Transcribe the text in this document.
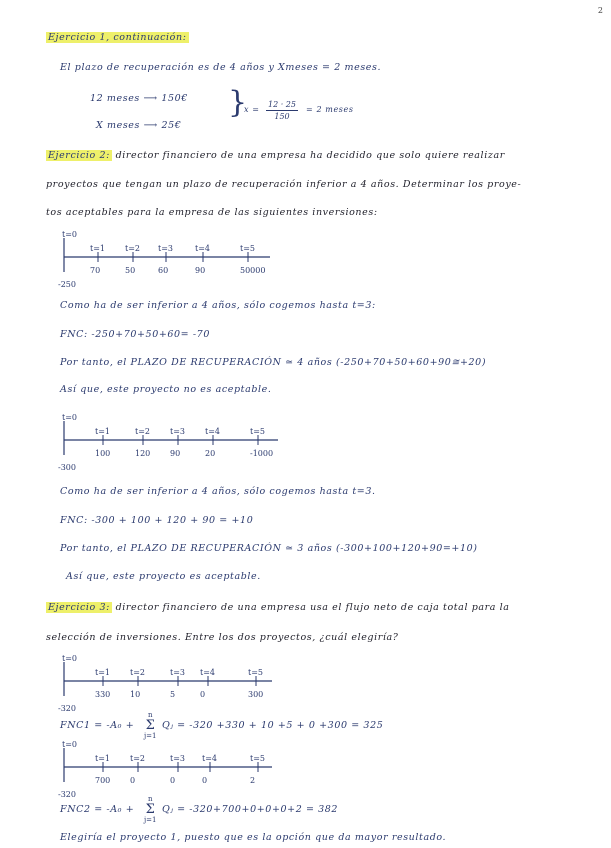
2
Ejercicio 1, continuación:
El plazo de recuperación es de 4 años y Xmeses = 2 meses.
12 meses ⟶ 150€
X meses ⟶ 25€
}
$x = \frac{12 \cdot 25}{150} = 2$ meses
Ejercicio 2: director financiero de una empresa ha decidido que solo quiere realizar
proyectos que tengan un plazo de recuperación inferior a 4 años. Determinar los proye-
tos aceptables para la empresa de las siguientes inversiones:
t=0
-250
t=1
70
t=2
50
t=3
60
t=4
90
t=5
50000
Como ha de ser inferior a 4 años, sólo cogemos hasta t=3:
FNC: -250+70+50+60= -70
Por tanto, el PLAZO DE RECUPERACIÓN ≃ 4 años (-250+70+50+60+90≅+20)
Así que, este proyecto no es aceptable.
t=0
-300
t=1
100
t=2
120
t=3
90
t=4
20
t=5
-1000
Como ha de ser inferior a 4 años, sólo cogemos hasta t=3.
FNC: -300 + 100 + 120 + 90 = +10
Por tanto, el PLAZO DE RECUPERACIÓN ≃ 3 años (-300+100+120+90=+10)
Así que, este proyecto es aceptable.
Ejercicio 3: director financiero de una empresa usa el flujo neto de caja total para la
selección de inversiones. Entre los dos proyectos, ¿cuál elegiría?
t=0
-320
t=1
330
t=2
10
t=3
5
t=4
0
t=5
300
FNC1 = -A₀ +
n
Σ
j=1
Qⱼ = -320 +330 + 10 +5 + 0 +300 = 325
t=0
-320
t=1
700
t=2
0
t=3
0
t=4
0
t=5
2
FNC2 = -A₀ +
n
Σ
j=1
Qⱼ = -320+700+0+0+0+2 = 382
Elegiría el proyecto 1, puesto que es la opción que da mayor resultado.
